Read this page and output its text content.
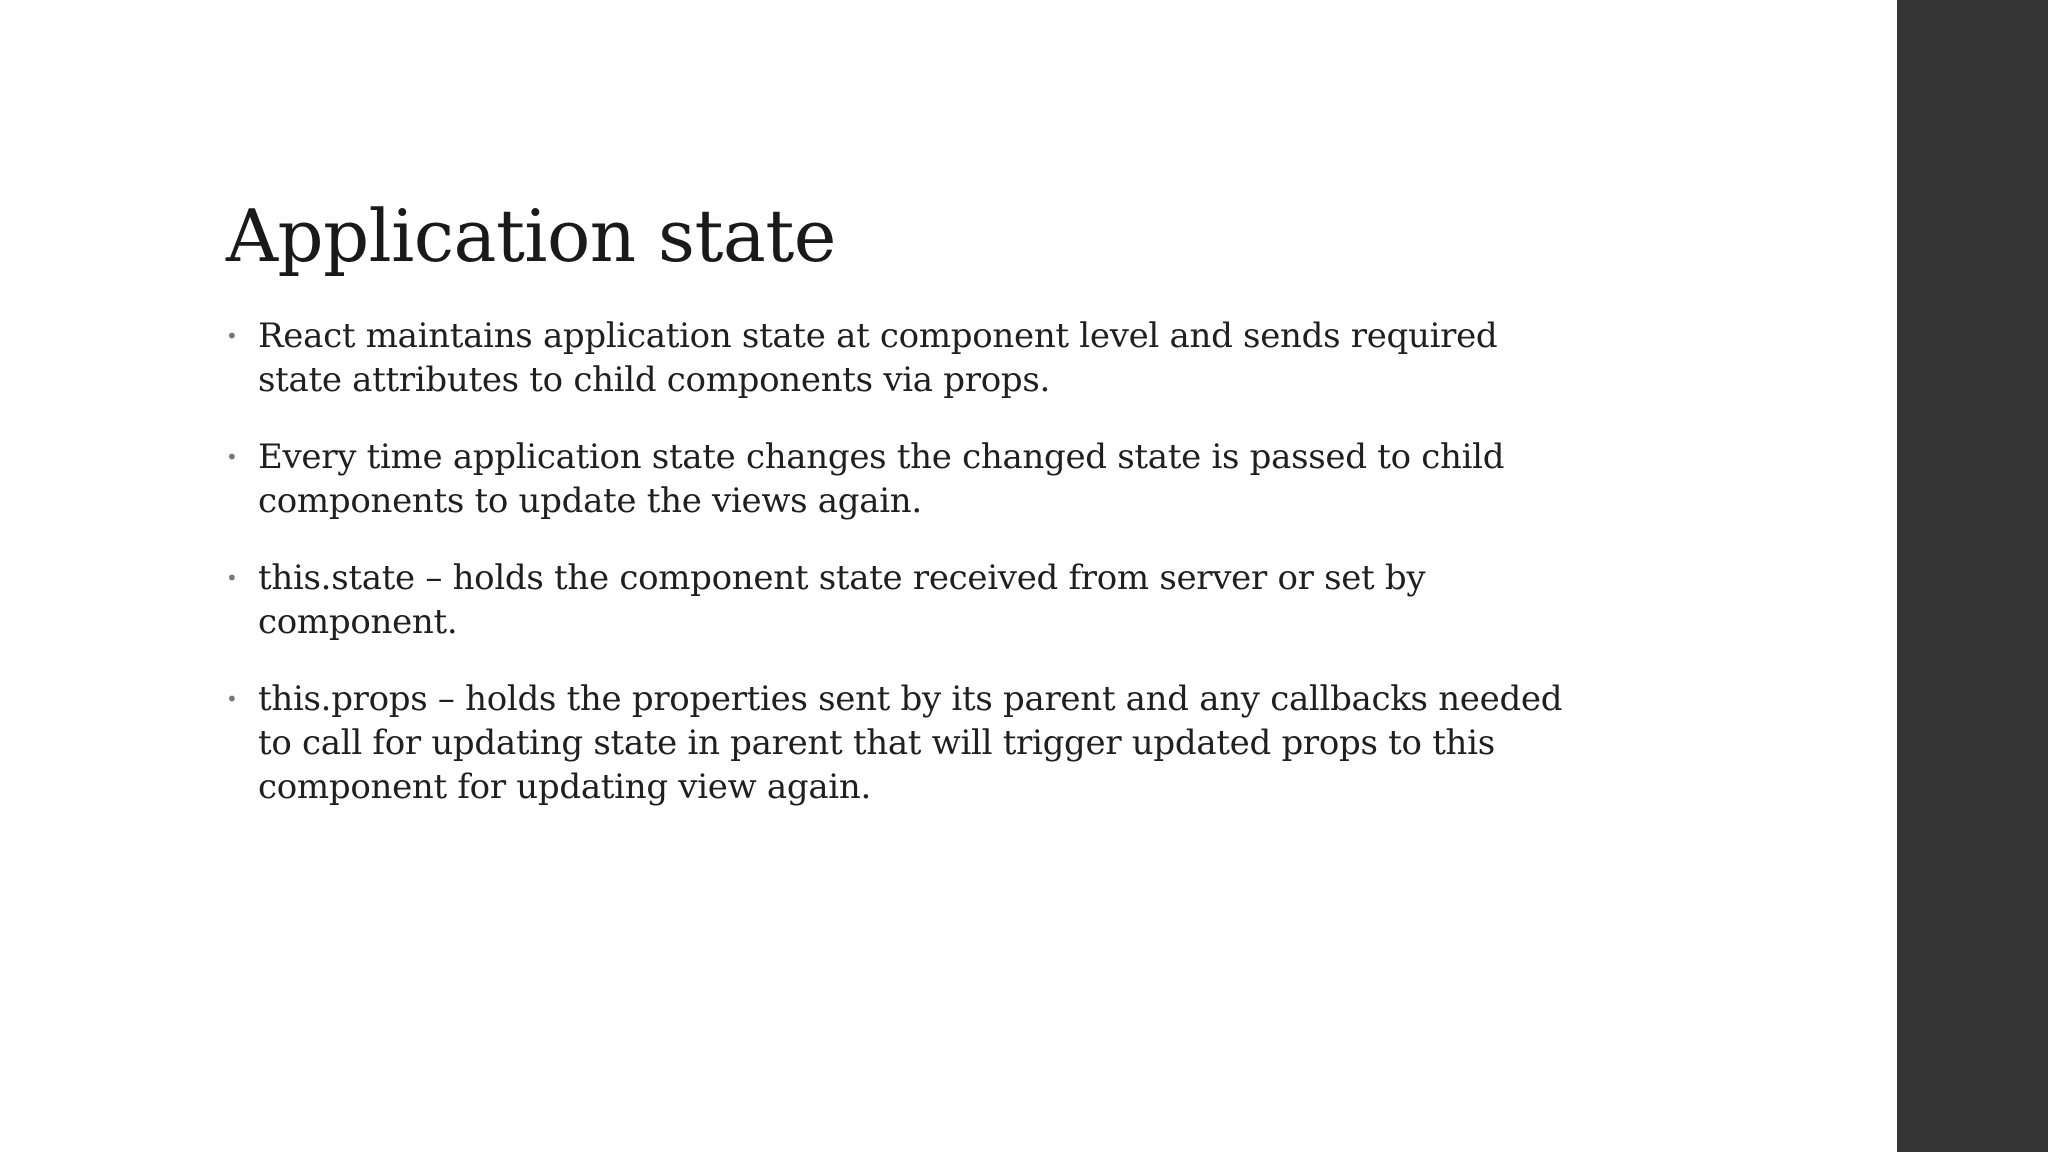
Application state
• React maintains application state at component level and sends required
state attributes to child components via props.
• Every time application state changes the changed state is passed to child
components to update the views again.
• this.state – holds the component state received from server or set by
component.
• this.props – holds the properties sent by its parent and any callbacks needed
to call for updating state in parent that will trigger updated props to this
component for updating view again.
